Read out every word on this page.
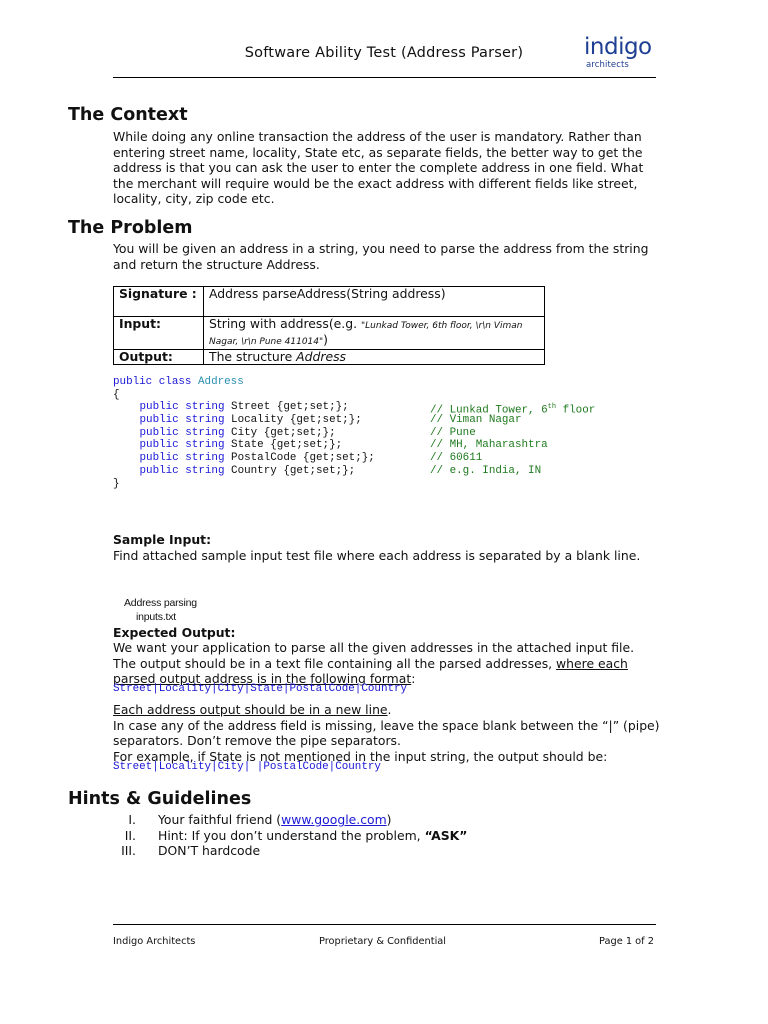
Software Ability Test (Address Parser)	indigo
architects
The Context

While doing any online transaction the address of the user is mandatory. Rather than entering street name, locality, State etc, as separate fields, the better way to get the address is that you can ask the user to enter the complete address in one field. What the merchant will require would be the exact address with different fields like street, locality, city, zip code etc.

The Problem

You will be given an address in a string, you need to parse the address from the string and return the structure Address.

Signature :	Address parseAddress(String address)
Input:	String with address(e.g. "Lunkad Tower, 6th floor, \r\n Viman Nagar, \r\n Pune 411014")
Output:	The structure Address
public class Address
{
public string Street {get;set;};	// Lunkad Tower, 6th floor
public string Locality {get;set;};	// Viman Nagar
public string City {get;set;};	// Pune
public string State {get;set;};	// MH, Maharashtra
public string PostalCode {get;set;};	// 60611
public string Country {get;set;};	// e.g. India, IN
}
Sample Input:
Find attached sample input test file where each address is separated by a blank line.
Address parsing
inputs.txt
Expected Output:
We want your application to parse all the given addresses in the attached input file.
The output should be in a text file containing all the parsed addresses, where each parsed output address is in the following format:
Street|Locality|City|State|PostalCode|Country
Each address output should be in a new line.
In case any of the address field is missing, leave the space blank between the “|” (pipe) separators. Don’t remove the pipe separators.
For example, if State is not mentioned in the input string, the output should be:
Street|Locality|City| |PostalCode|Country
Hints & Guidelines
I. Your faithful friend (www.google.com)
II. Hint: If you don’t understand the problem, “ASK”
III. DON’T hardcode
Indigo Architects	Proprietary & Confidential	Page 1 of 2
